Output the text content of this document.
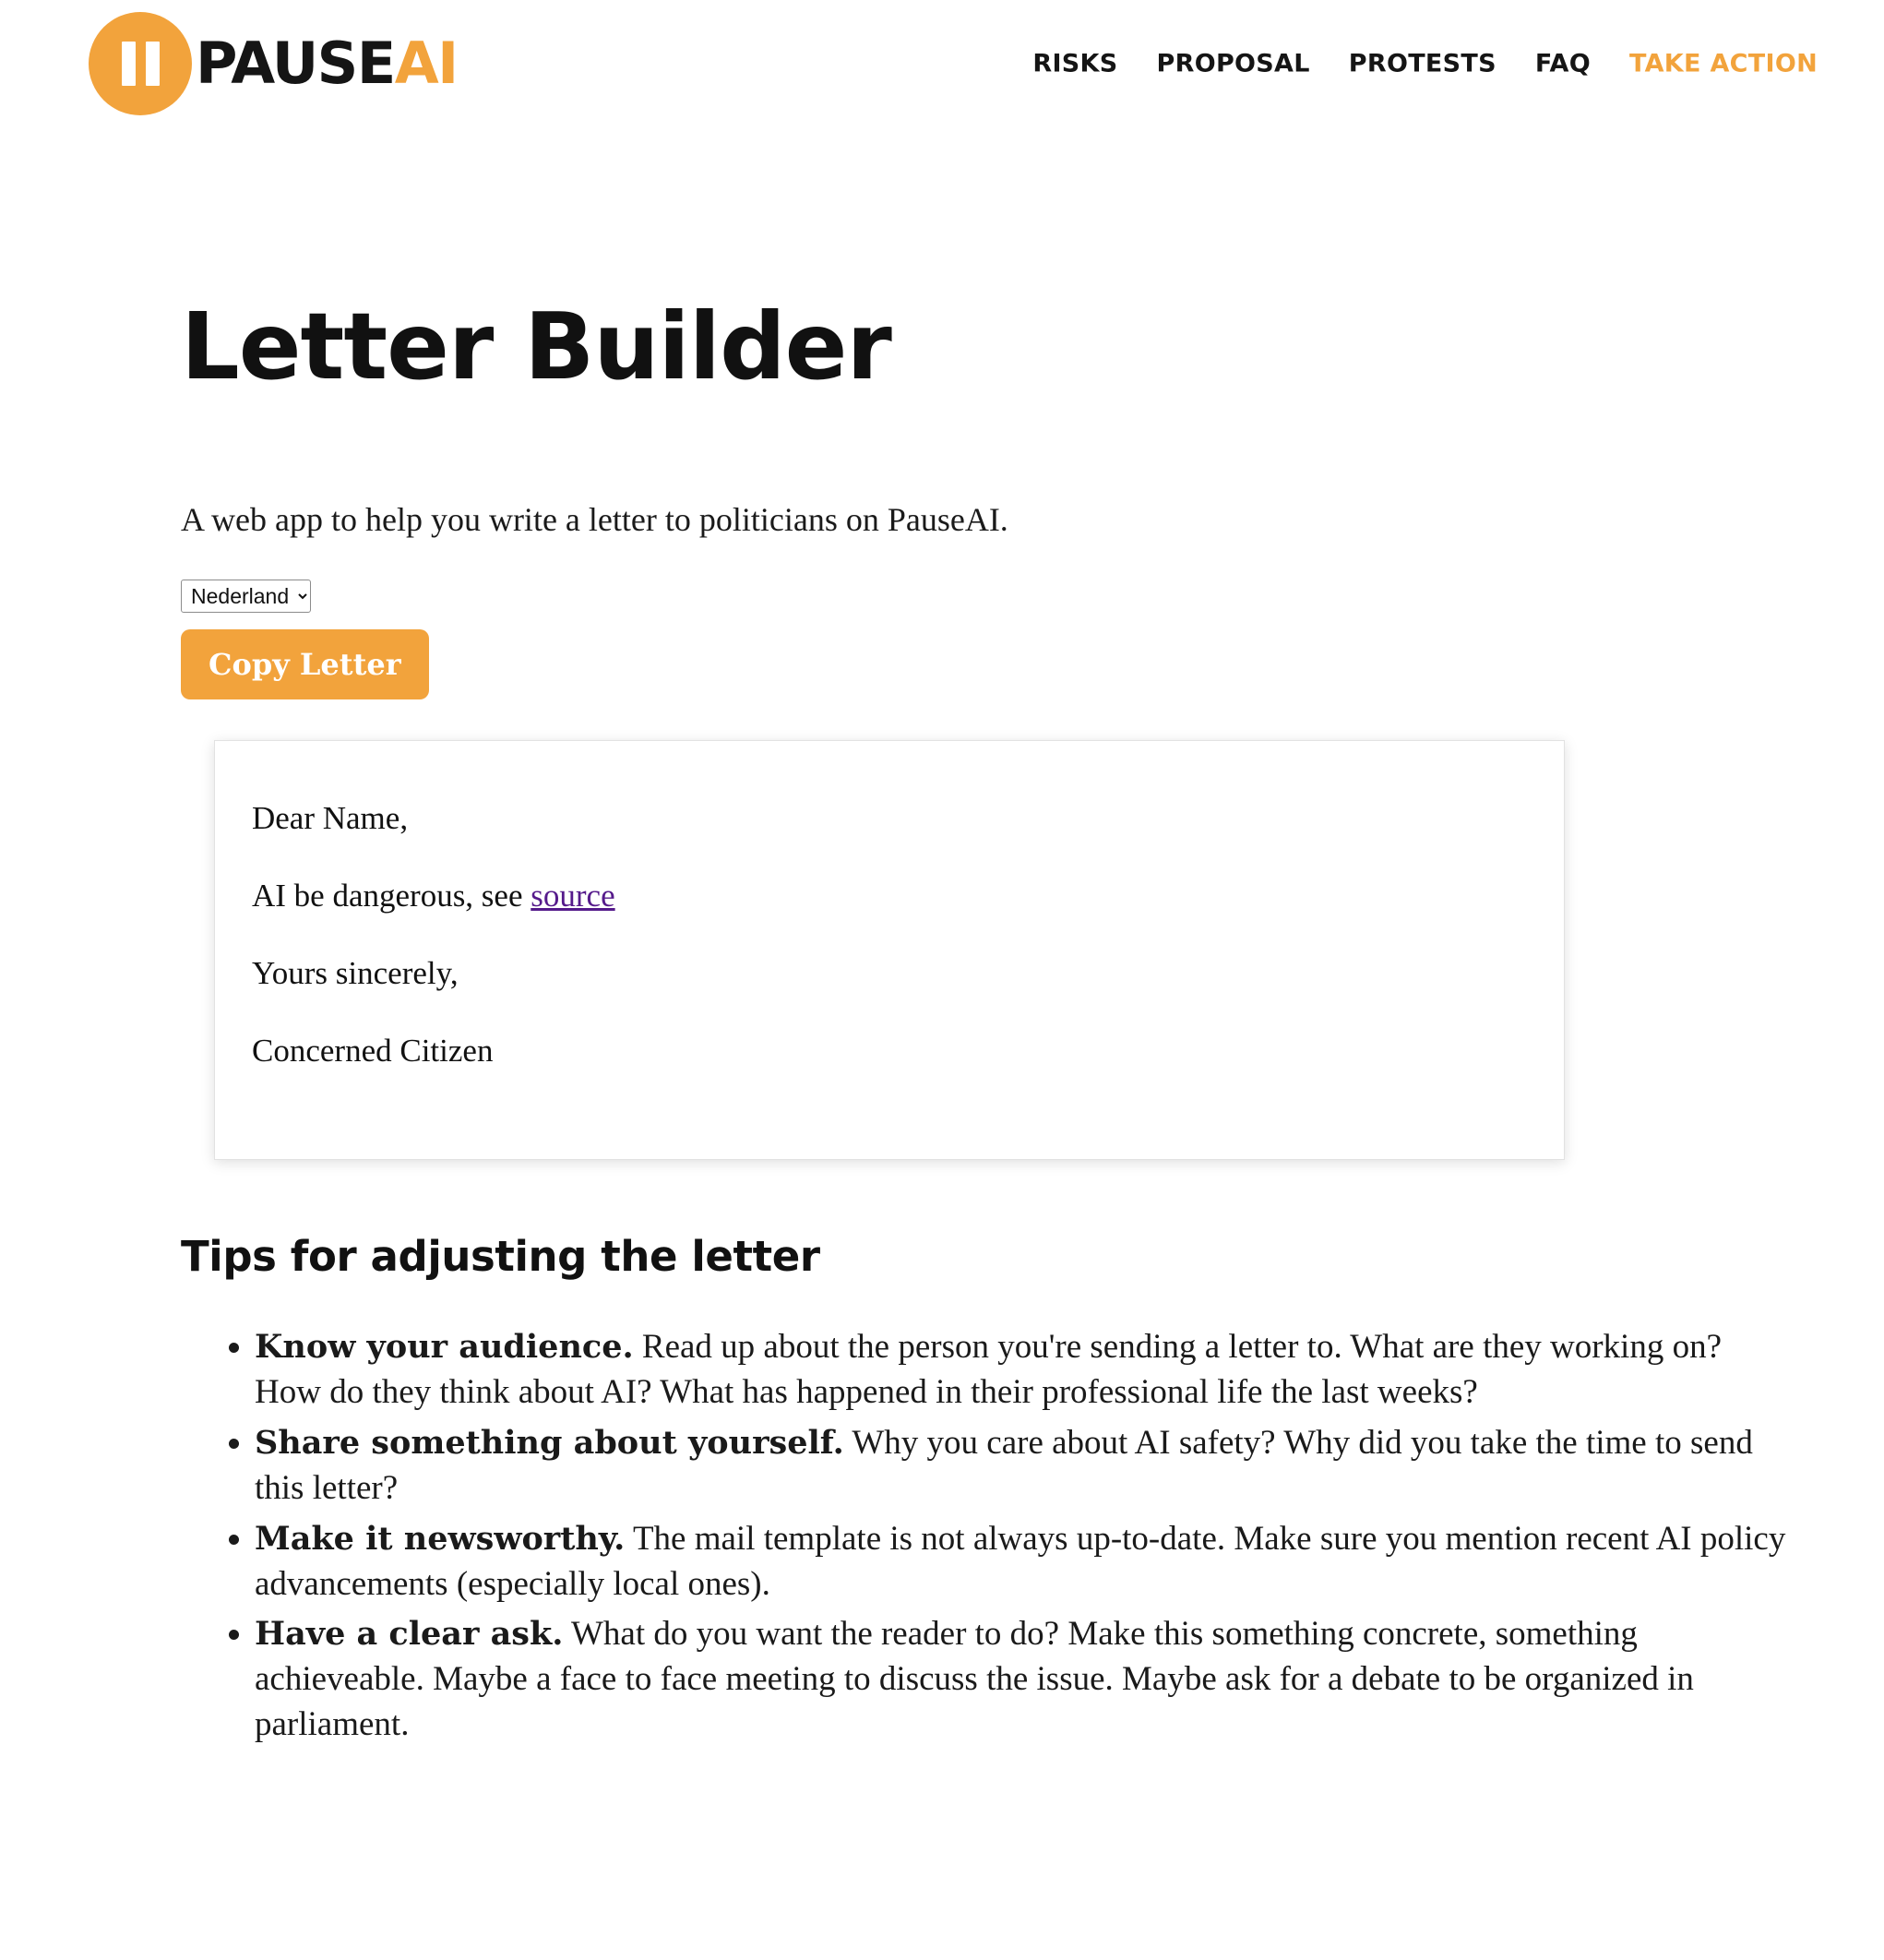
PAUSEAI	RISKS PROPOSAL PROTESTS FAQ TAKE ACTION
Letter Builder

A web app to help you write a letter to politicians on PauseAI.

Nederland
Copy Letter

Dear Name,

AI be dangerous, see source

Yours sincerely,

Concerned Citizen

Tips for adjusting the letter
• Know your audience. Read up about the person you're sending a letter to. What are they working on? How do they think about AI? What has happened in their professional life the last weeks?
• Share something about yourself. Why you care about AI safety? Why did you take the time to send this letter?
• Make it newsworthy. The mail template is not always up-to-date. Make sure you mention recent AI policy advancements (especially local ones).
• Have a clear ask. What do you want the reader to do? Make this something concrete, something achieveable. Maybe a face to face meeting to discuss the issue. Maybe ask for a debate to be organized in parliament.
